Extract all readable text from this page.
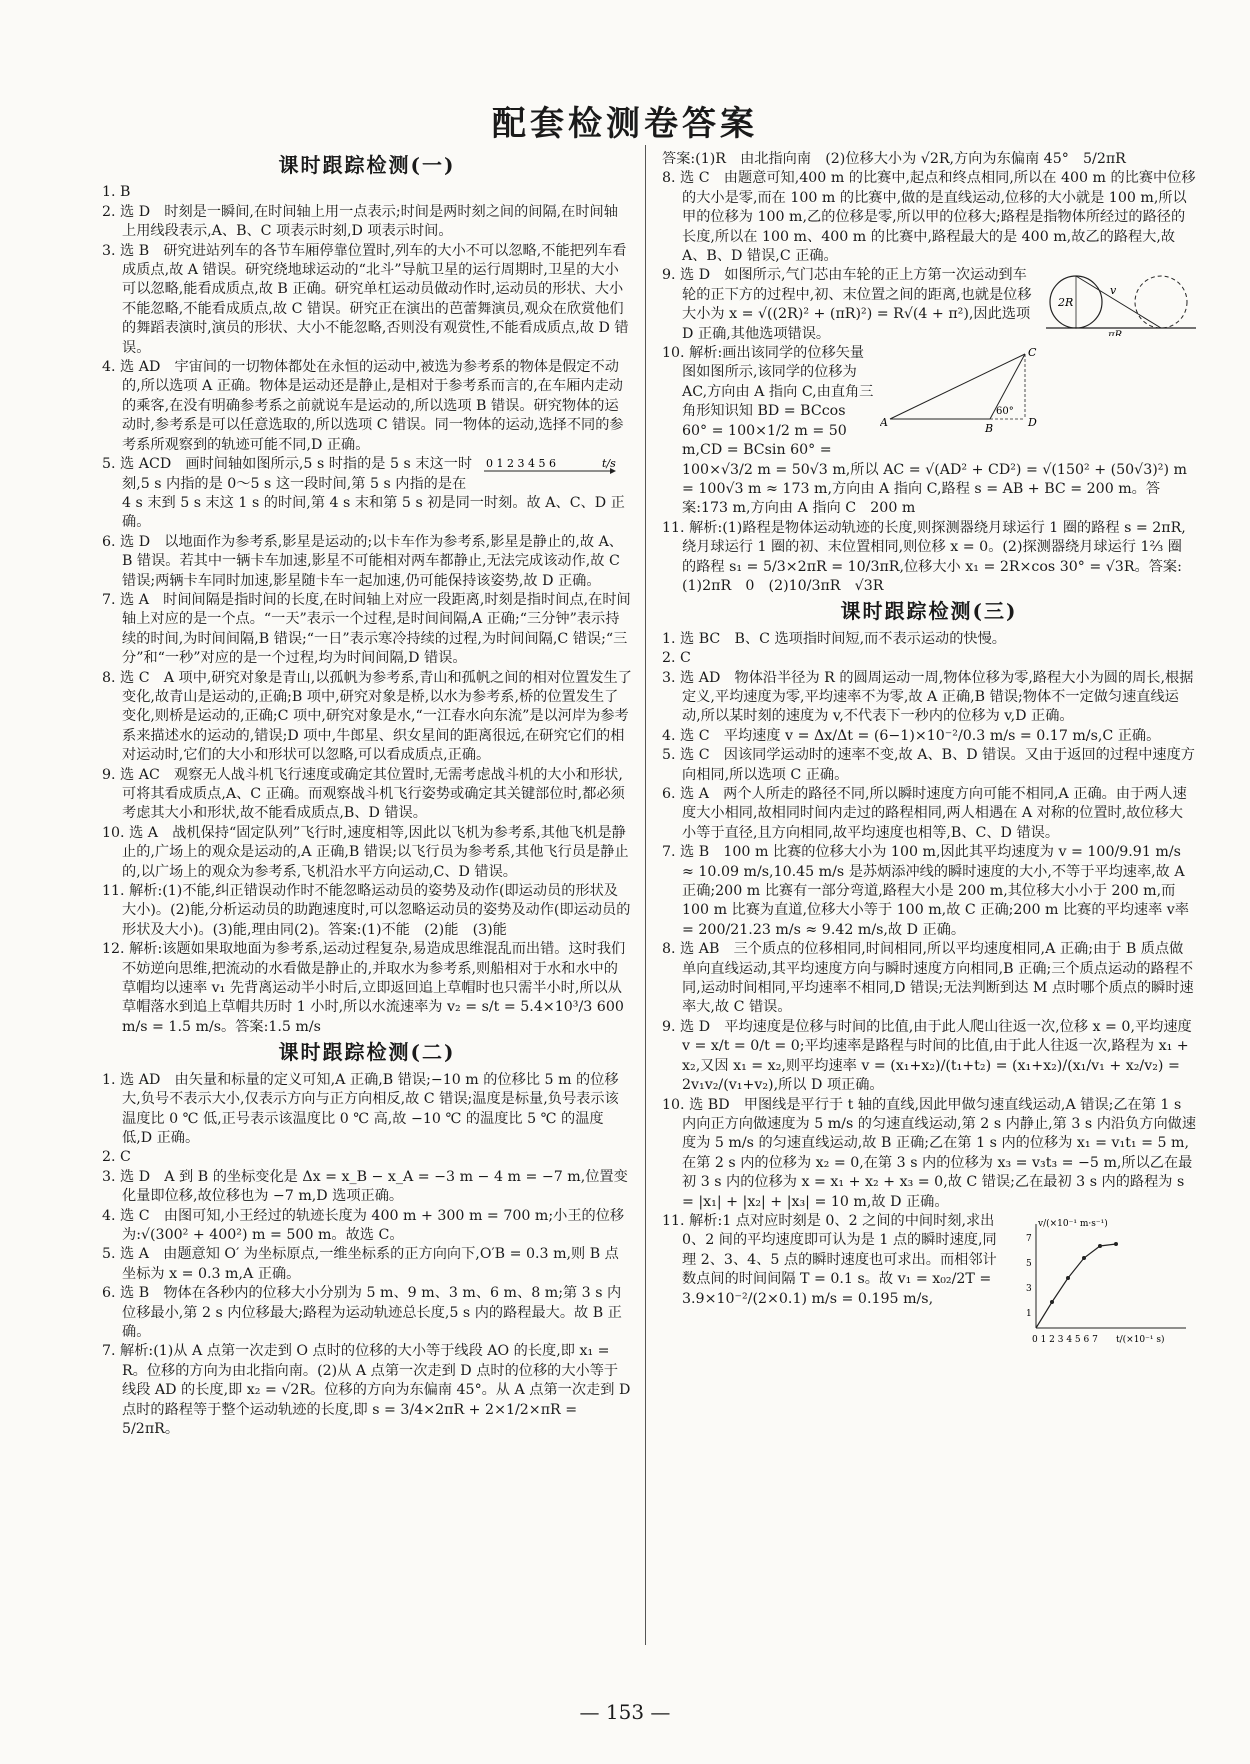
配套检测卷答案
课时跟踪检测(一)

1. B

2. 选 D　时刻是一瞬间,在时间轴上用一点表示;时间是两时刻之间的间隔,在时间轴上用线段表示,A、B、C 项表示时刻,D 项表示时间。

3. 选 B　研究进站列车的各节车厢停靠位置时,列车的大小不可以忽略,不能把列车看成质点,故 A 错误。研究绕地球运动的“北斗”导航卫星的运行周期时,卫星的大小可以忽略,能看成质点,故 B 正确。研究单杠运动员做动作时,运动员的形状、大小不能忽略,不能看成质点,故 C 错误。研究正在演出的芭蕾舞演员,观众在欣赏他们的舞蹈表演时,演员的形状、大小不能忽略,否则没有观赏性,不能看成质点,故 D 错误。

4. 选 AD　宇宙间的一切物体都处在永恒的运动中,被选为参考系的物体是假定不动的,所以选项 A 正确。物体是运动还是静止,是相对于参考系而言的,在车厢内走动的乘客,在没有明确参考系之前就说车是运动的,所以选项 B 错误。研究物体的运动时,参考系是可以任意选取的,所以选项 C 错误。同一物体的运动,选择不同的参考系所观察到的轨迹可能不同,D 正确。

0 1 2 3 4 5 6	t/s

5. 选 ACD　画时间轴如图所示,5 s 时指的是 5 s 末这一时刻,5 s 内指的是 0～5 s 这一段时间,第 5 s 内指的是在 4 s 末到 5 s 末这 1 s 的时间,第 4 s 末和第 5 s 初是同一时刻。故 A、C、D 正确。

6. 选 D　以地面作为参考系,影星是运动的;以卡车作为参考系,影星是静止的,故 A、B 错误。若其中一辆卡车加速,影星不可能相对两车都静止,无法完成该动作,故 C 错误;两辆卡车同时加速,影星随卡车一起加速,仍可能保持该姿势,故 D 正确。

7. 选 A　时间间隔是指时间的长度,在时间轴上对应一段距离,时刻是指时间点,在时间轴上对应的是一个点。“一天”表示一个过程,是时间间隔,A 正确;“三分钟”表示持续的时间,为时间间隔,B 错误;“一日”表示寒冷持续的过程,为时间间隔,C 错误;“三分”和“一秒”对应的是一个过程,均为时间间隔,D 错误。

8. 选 C　A 项中,研究对象是青山,以孤帆为参考系,青山和孤帆之间的相对位置发生了变化,故青山是运动的,正确;B 项中,研究对象是桥,以水为参考系,桥的位置发生了变化,则桥是运动的,正确;C 项中,研究对象是水,“一江春水向东流”是以河岸为参考系来描述水的运动的,错误;D 项中,牛郎星、织女星间的距离很远,在研究它们的相对运动时,它们的大小和形状可以忽略,可以看成质点,正确。

9. 选 AC　观察无人战斗机飞行速度或确定其位置时,无需考虑战斗机的大小和形状,可将其看成质点,A、C 正确。而观察战斗机飞行姿势或确定其关键部位时,都必须考虑其大小和形状,故不能看成质点,B、D 错误。

10. 选 A　战机保持“固定队列”飞行时,速度相等,因此以飞机为参考系,其他飞机是静止的,广场上的观众是运动的,A 正确,B 错误;以飞行员为参考系,其他飞行员是静止的,以广场上的观众为参考系,飞机沿水平方向运动,C、D 错误。

11. 解析:(1)不能,纠正错误动作时不能忽略运动员的姿势及动作(即运动员的形状及大小)。(2)能,分析运动员的助跑速度时,可以忽略运动员的姿势及动作(即运动员的形状及大小)。(3)能,理由同(2)。答案:(1)不能　(2)能　(3)能

12. 解析:该题如果取地面为参考系,运动过程复杂,易造成思维混乱而出错。这时我们不妨逆向思维,把流动的水看做是静止的,并取水为参考系,则船相对于水和水中的草帽均以速率 v₁ 先背离运动半小时后,立即返回追上草帽时也只需半小时,所以从草帽落水到追上草帽共历时 1 小时,所以水流速率为 v₂ = s/t = 5.4×10³/3 600 m/s = 1.5 m/s。答案:1.5 m/s

课时跟踪检测(二)

1. 选 AD　由矢量和标量的定义可知,A 正确,B 错误;−10 m 的位移比 5 m 的位移大,负号不表示大小,仅表示方向与正方向相反,故 C 错误;温度是标量,负号表示该温度比 0 ℃ 低,正号表示该温度比 0 ℃ 高,故 −10 ℃ 的温度比 5 ℃ 的温度低,D 正确。

2. C

3. 选 D　A 到 B 的坐标变化是 Δx = x_B − x_A = −3 m − 4 m = −7 m,位置变化量即位移,故位移也为 −7 m,D 选项正确。

4. 选 C　由图可知,小王经过的轨迹长度为 400 m + 300 m = 700 m;小王的位移为:√(300² + 400²) m = 500 m。故选 C。

5. 选 A　由题意知 O′ 为坐标原点,一维坐标系的正方向向下,O′B = 0.3 m,则 B 点坐标为 x = 0.3 m,A 正确。

6. 选 B　物体在各秒内的位移大小分别为 5 m、9 m、3 m、6 m、8 m;第 3 s 内位移最小,第 2 s 内位移最大;路程为运动轨迹总长度,5 s 内的路程最大。故 B 正确。

7. 解析:(1)从 A 点第一次走到 O 点时的位移的大小等于线段 AO 的长度,即 x₁ = R。位移的方向为由北指向南。(2)从 A 点第一次走到 D 点时的位移的大小等于线段 AD 的长度,即 x₂ = √2R。位移的方向为东偏南 45°。从 A 点第一次走到 D 点时的路程等于整个运动轨迹的长度,即 s = 3/4×2πR + 2×1/2×πR = 5/2πR。

答案:(1)R　由北指向南　(2)位移大小为 √2R,方向为东偏南 45°　5/2πR

8. 选 C　由题意可知,400 m 的比赛中,起点和终点相同,所以在 400 m 的比赛中位移的大小是零,而在 100 m 的比赛中,做的是直线运动,位移的大小就是 100 m,所以甲的位移为 100 m,乙的位移是零,所以甲的位移大;路程是指物体所经过的路径的长度,所以在 100 m、400 m 的比赛中,路程最大的是 400 m,故乙的路程大,故 A、B、D 错误,C 正确。

2R
v
πR

9. 选 D　如图所示,气门芯由车轮的正上方第一次运动到车轮的正下方的过程中,初、末位置之间的距离,也就是位移大小为 x = √((2R)² + (πR)²) = R√(4 + π²),因此选项 D 正确,其他选项错误。

A	B
C
D
60°

10. 解析:画出该同学的位移矢量图如图所示,该同学的位移为 AC,方向由 A 指向 C,由直角三角形知识知 BD = BCcos 60° = 100×1/2 m = 50 m,CD = BCsin 60° = 100×√3/2 m = 50√3 m,所以 AC = √(AD² + CD²) = √(150² + (50√3)²) m = 100√3 m ≈ 173 m,方向由 A 指向 C,路程 s = AB + BC = 200 m。答案:173 m,方向由 A 指向 C　200 m

11. 解析:(1)路程是物体运动轨迹的长度,则探测器绕月球运行 1 圈的路程 s = 2πR,绕月球运行 1 圈的初、末位置相同,则位移 x = 0。(2)探测器绕月球运行 1⅔ 圈的路程 s₁ = 5/3×2πR = 10/3πR,位移大小 x₁ = 2R×cos 30° = √3R。答案:(1)2πR　0　(2)10/3πR　√3R

课时跟踪检测(三)

1. 选 BC　B、C 选项指时间短,而不表示运动的快慢。

2. C

3. 选 AD　物体沿半径为 R 的圆周运动一周,物体位移为零,路程大小为圆的周长,根据定义,平均速度为零,平均速率不为零,故 A 正确,B 错误;物体不一定做匀速直线运动,所以某时刻的速度为 v,不代表下一秒内的位移为 v,D 正确。

4. 选 C　平均速度 v = Δx/Δt = (6−1)×10⁻²/0.3 m/s = 0.17 m/s,C 正确。

5. 选 C　因该同学运动时的速率不变,故 A、B、D 错误。又由于返回的过程中速度方向相同,所以选项 C 正确。

6. 选 A　两个人所走的路径不同,所以瞬时速度方向可能不相同,A 正确。由于两人速度大小相同,故相同时间内走过的路程相同,两人相遇在 A 对称的位置时,故位移大小等于直径,且方向相同,故平均速度也相等,B、C、D 错误。

7. 选 B　100 m 比赛的位移大小为 100 m,因此其平均速度为 v = 100/9.91 m/s ≈ 10.09 m/s,10.45 m/s 是苏炳添冲线的瞬时速度的大小,不等于平均速率,故 A 正确;200 m 比赛有一部分弯道,路程大小是 200 m,其位移大小小于 200 m,而 100 m 比赛为直道,位移大小等于 100 m,故 C 正确;200 m 比赛的平均速率 v率 = 200/21.23 m/s ≈ 9.42 m/s,故 D 正确。

8. 选 AB　三个质点的位移相同,时间相同,所以平均速度相同,A 正确;由于 B 质点做单向直线运动,其平均速度方向与瞬时速度方向相同,B 正确;三个质点运动的路程不同,运动时间相同,平均速率不相同,D 错误;无法判断到达 M 点时哪个质点的瞬时速率大,故 C 错误。

9. 选 D　平均速度是位移与时间的比值,由于此人爬山往返一次,位移 x = 0,平均速度 v = x/t = 0/t = 0;平均速率是路程与时间的比值,由于此人往返一次,路程为 x₁ + x₂,又因 x₁ = x₂,则平均速率 v = (x₁+x₂)/(t₁+t₂) = (x₁+x₂)/(x₁/v₁ + x₂/v₂) = 2v₁v₂/(v₁+v₂),所以 D 项正确。

10. 选 BD　甲图线是平行于 t 轴的直线,因此甲做匀速直线运动,A 错误;乙在第 1 s 内向正方向做速度为 5 m/s 的匀速直线运动,第 2 s 内静止,第 3 s 内沿负方向做速度为 5 m/s 的匀速直线运动,故 B 正确;乙在第 1 s 内的位移为 x₁ = v₁t₁ = 5 m,在第 2 s 内的位移为 x₂ = 0,在第 3 s 内的位移为 x₃ = v₃t₃ = −5 m,所以乙在最初 3 s 内的位移为 x = x₁ + x₂ + x₃ = 0,故 C 错误;乙在最初 3 s 内的路程为 s = |x₁| + |x₂| + |x₃| = 10 m,故 D 正确。

v/(×10⁻¹ m·s⁻¹)
t/(×10⁻¹ s)
0 1 2 3 4 5 6 7
1
3
5
7

11. 解析:1 点对应时刻是 0、2 之间的中间时刻,求出 0、2 间的平均速度即可认为是 1 点的瞬时速度,同理 2、3、4、5 点的瞬时速度也可求出。而相邻计数点间的时间间隔 T = 0.1 s。故 v₁ = x₀₂/2T = 3.9×10⁻²/(2×0.1) m/s = 0.195 m/s,

— 153 —
